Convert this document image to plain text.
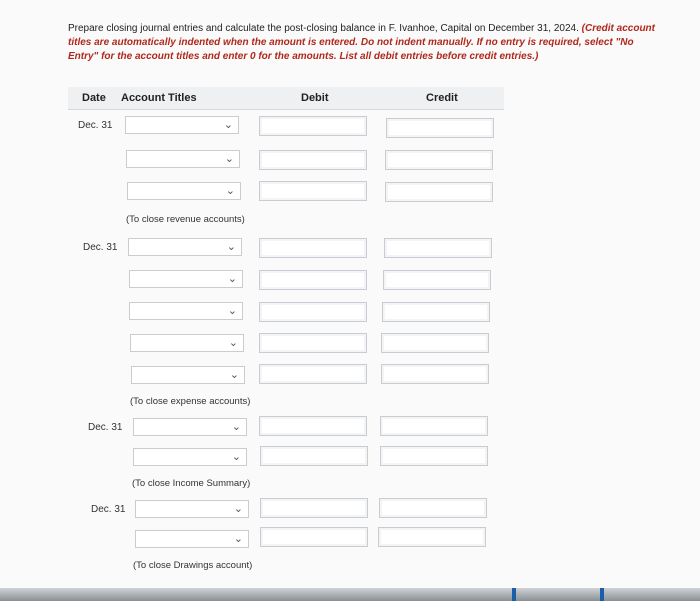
Prepare closing journal entries and calculate the post-closing balance in F. Ivanhoe, Capital on December 31, 2024. (Credit account titles are automatically indented when the amount is entered. Do not indent manually. If no entry is required, select "No Entry" for the account titles and enter 0 for the amounts. List all debit entries before credit entries.)
Date Account Titles	Debit	Credit
Dec. 31	⌄
⌄
⌄
(To close revenue accounts)
Dec. 31	⌄
⌄
⌄
⌄
⌄
(To close expense accounts)
Dec. 31	⌄
⌄
(To close Income Summary)
Dec. 31	⌄
⌄
(To close Drawings account)
